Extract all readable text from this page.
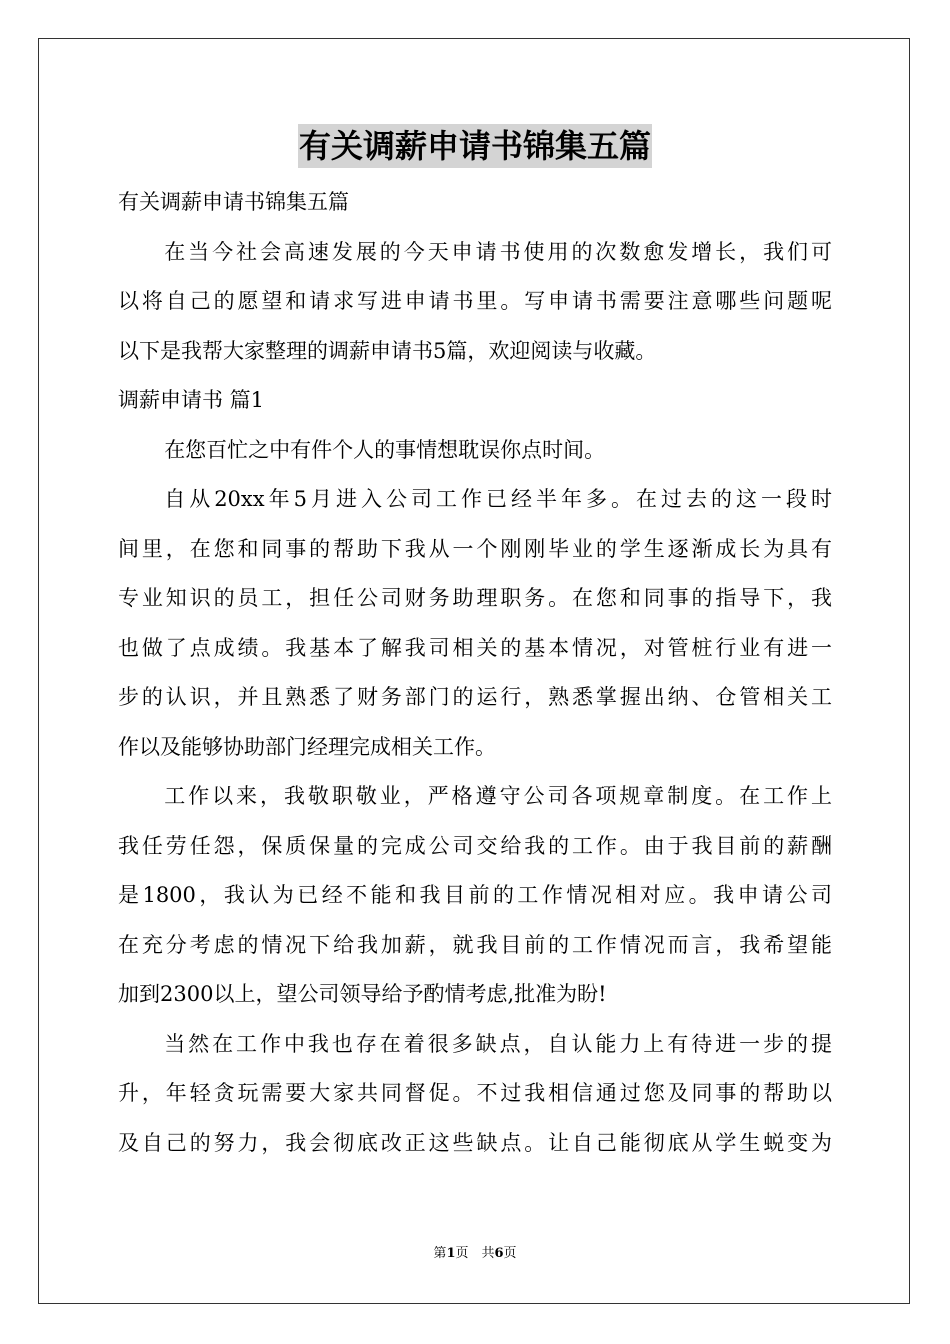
有关调薪申请书锦集五篇
有关调薪申请书锦集五篇
在当今社会高速发展的今天申请书使用的次数愈发增长，我们可
以将自己的愿望和请求写进申请书里。写申请书需要注意哪些问题呢
以下是我帮大家整理的调薪申请书5篇，欢迎阅读与收藏。
调薪申请书 篇1
在您百忙之中有件个人的事情想耽误你点时间。
自从20xx年5月进入公司工作已经半年多。在过去的这一段时
间里，在您和同事的帮助下我从一个刚刚毕业的学生逐渐成长为具有
专业知识的员工，担任公司财务助理职务。在您和同事的指导下，我
也做了点成绩。我基本了解我司相关的基本情况，对管桩行业有进一
步的认识，并且熟悉了财务部门的运行，熟悉掌握出纳、仓管相关工
作以及能够协助部门经理完成相关工作。
工作以来，我敬职敬业，严格遵守公司各项规章制度。在工作上
我任劳任怨，保质保量的完成公司交给我的工作。由于我目前的薪酬
是1800，我认为已经不能和我目前的工作情况相对应。我申请公司
在充分考虑的情况下给我加薪，就我目前的工作情况而言，我希望能
加到2300以上，望公司领导给予酌情考虑,批准为盼!
当然在工作中我也存在着很多缺点，自认能力上有待进一步的提
升，年轻贪玩需要大家共同督促。不过我相信通过您及同事的帮助以
及自己的努力，我会彻底改正这些缺点。让自己能彻底从学生蜕变为
第1页　共6页
